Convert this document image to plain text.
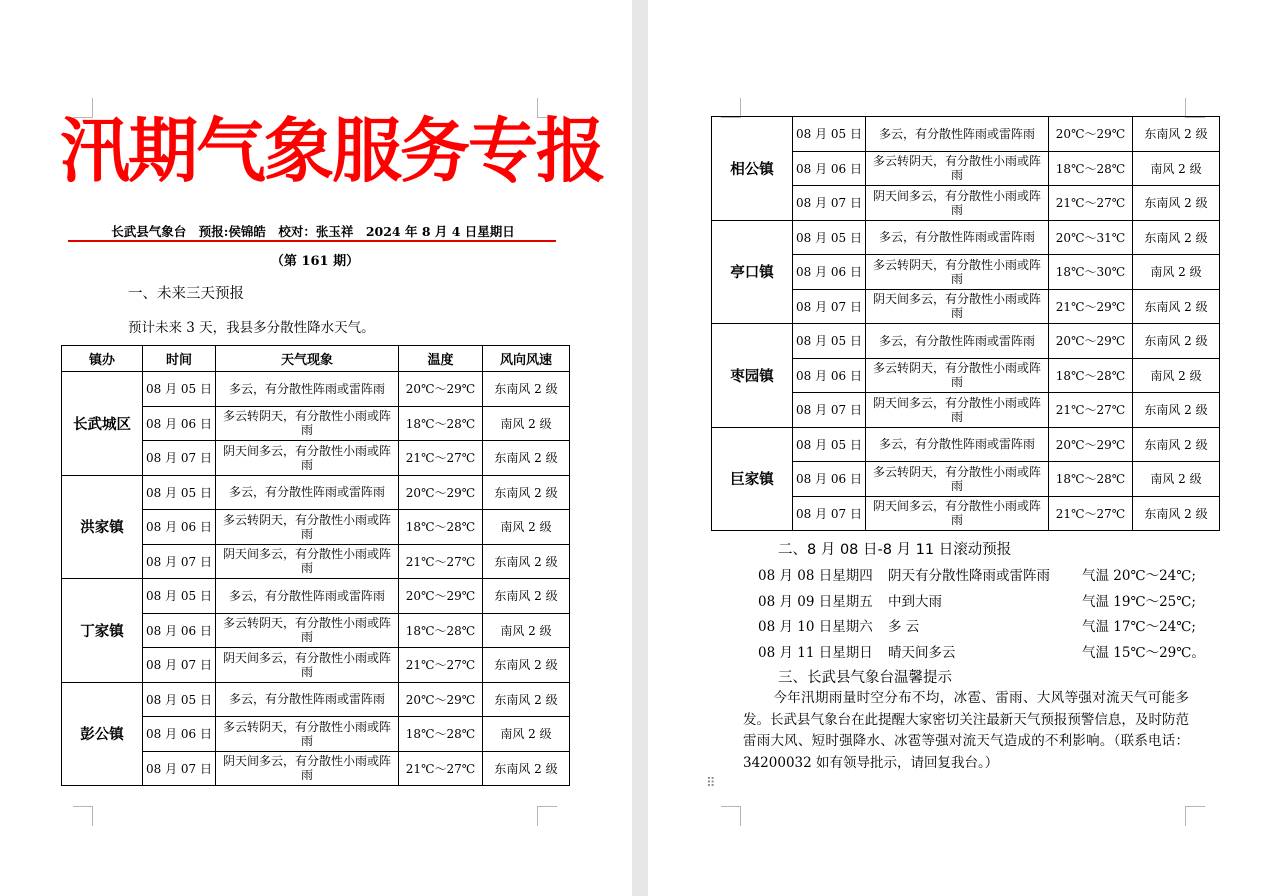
汛期气象服务专报
长武县气象台　预报:侯锦皓　校对：张玉祥　2024 年 8 月 4 日星期日
（第 161 期）
一、未来三天预报
预计未来 3 天，我县多分散性降水天气。
镇办	时间	天气现象	温度	风向风速
长武城区	08 月 05 日	多云，有分散性阵雨或雷阵雨	20℃～29℃	东南风 2 级
	08 月 06 日	多云转阴天，有分散性小雨或阵雨	18℃～28℃	南风 2 级
	08 月 07 日	阴天间多云，有分散性小雨或阵雨	21℃～27℃	东南风 2 级
洪家镇	08 月 05 日	多云，有分散性阵雨或雷阵雨	20℃～29℃	东南风 2 级
	08 月 06 日	多云转阴天，有分散性小雨或阵雨	18℃～28℃	南风 2 级
	08 月 07 日	阴天间多云，有分散性小雨或阵雨	21℃～27℃	东南风 2 级
丁家镇	08 月 05 日	多云，有分散性阵雨或雷阵雨	20℃～29℃	东南风 2 级
	08 月 06 日	多云转阴天，有分散性小雨或阵雨	18℃～28℃	南风 2 级
	08 月 07 日	阴天间多云，有分散性小雨或阵雨	21℃～27℃	东南风 2 级
彭公镇	08 月 05 日	多云，有分散性阵雨或雷阵雨	20℃～29℃	东南风 2 级
	08 月 06 日	多云转阴天，有分散性小雨或阵雨	18℃～28℃	南风 2 级
	08 月 07 日	阴天间多云，有分散性小雨或阵雨	21℃～27℃	东南风 2 级
相公镇	08 月 05 日	多云，有分散性阵雨或雷阵雨	20℃～29℃	东南风 2 级
	08 月 06 日	多云转阴天，有分散性小雨或阵雨	18℃～28℃	南风 2 级
	08 月 07 日	阴天间多云，有分散性小雨或阵雨	21℃～27℃	东南风 2 级
亭口镇	08 月 05 日	多云，有分散性阵雨或雷阵雨	20℃～31℃	东南风 2 级
	08 月 06 日	多云转阴天，有分散性小雨或阵雨	18℃～30℃	南风 2 级
	08 月 07 日	阴天间多云，有分散性小雨或阵雨	21℃～29℃	东南风 2 级
枣园镇	08 月 05 日	多云，有分散性阵雨或雷阵雨	20℃～29℃	东南风 2 级
	08 月 06 日	多云转阴天，有分散性小雨或阵雨	18℃～28℃	南风 2 级
	08 月 07 日	阴天间多云，有分散性小雨或阵雨	21℃～27℃	东南风 2 级
巨家镇	08 月 05 日	多云，有分散性阵雨或雷阵雨	20℃～29℃	东南风 2 级
	08 月 06 日	多云转阴天，有分散性小雨或阵雨	18℃～28℃	南风 2 级
	08 月 07 日	阴天间多云，有分散性小雨或阵雨	21℃～27℃	东南风 2 级
二、8 月 08 日-8 月 11 日滚动预报
08 月 08 日星期四 阴天有分散性降雨或雷阵雨 气温 20℃～24℃;
08 月 09 日星期五 中到大雨	气温 19℃～25℃;
08 月 10 日星期六 多 云	气温 17℃～24℃;
08 月 11 日星期日 晴天间多云	气温 15℃～29℃。
三、长武县气象台温馨提示
今年汛期雨量时空分布不均，冰雹、雷雨、大风等强对流天气可能多发。长武县气象台在此提醒大家密切关注最新天气预报预警信息，及时防范雷雨大风、短时强降水、冰雹等强对流天气造成的不利影响。（联系电话：34200032 如有领导批示，请回复我台。）
⠿
